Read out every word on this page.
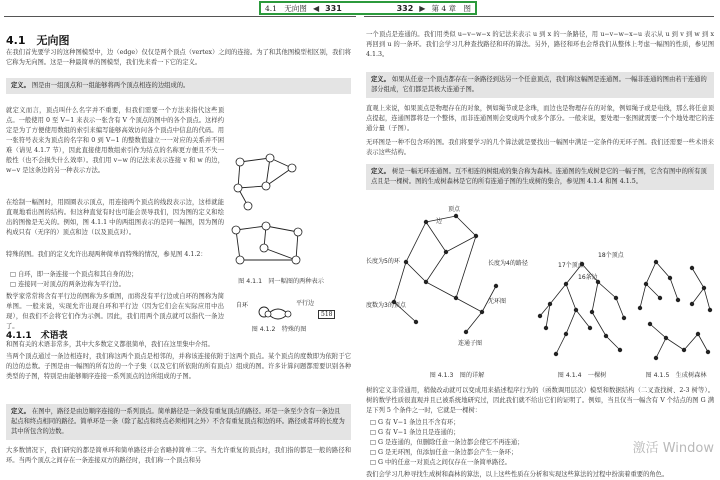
4.1　无向图 ◀ 331	332 ▶ 第 4 章　图
4.1　无向图
在我们首先要学习的这种图模型中，边（edge）仅仅是两个顶点（vertex）之间的连接。为了和其他图模型相区别，我们将它称为无向图。这是一种最简单的图模型，我们先来看一下它的定义。
定义。 图是由一组顶点和一组能够将两个顶点相连的边组成的。
就定义而言，顶点叫什么名字并不重要，但我们需要一个方法来指代这些顶点。一般使用 0 至 V−1 来表示一张含有 V 个顶点的图中的各个顶点。这样约定是为了方便使用数组的索引来编写能够高效访问各个顶点中信息的代码。用一张符号表来为顶点的名字和 0 到 V−1 的整数值建立一一对应的关系并不困难（请见 4.1.7 节），因此直接使用数组索引作为结点的名称更方便且不失一般性（也不会损失什么效率）。我们用 v−w 的记法来表示连接 v 和 w 的边，w−v 是这条边的另一种表示方法。
在绘制一幅图时，用圆圈表示顶点，用连接两个顶点的线段表示边，这样就能直观地看出图的结构。但这种直觉有时也可能会误导我们，因为图的定义和绘出的图像是无关的。例如，图 4.1.1 中的两组图表示的是同一幅图，因为图的构成只有（无序的）顶点和边（以及顶点对）。
特殊的图。我们的定义允许出现两种简单而特殊的情况，参见图 4.1.2：
□ 自环，即一条连接一个顶点和其自身的边；
□ 连接同一对顶点的两条边称为平行边。
数学家常常将含有平行边的图称为多重图，而将没有平行边或自环的图称为简单图。一般来说，实现允许出现自环和平行边（因为它们会在实际应用中出现），但我们不会将它们作为示例。因此，我们用两个顶点就可以指代一条边了。
图 4.1.1　同一幅图的两种表示
自环	平行边
图 4.1.2　特殊的图
518
4.1.1　术语表
和图有关的术语非常多，其中大多数定义都很简单，我们在这里集中介绍。
当两个顶点通过一条边相连时，我们称这两个顶点是相邻的，并称该连接依附于这两个顶点。某个顶点的度数即为依附于它的边的总数。子图是由一幅图的所有边的一个子集（以及它们所依附的所有顶点）组成的图。许多计算问题都需要识别各种类型的子图，特别是由能够顺序连接一系列顶点的边所组成的子图。
定义。 在图中，路径是由边顺序连接的一系列顶点。简单路径是一条没有重复顶点的路径。环是一条至少含有一条边且起点和终点相同的路径。简单环是一条（除了起点和终点必须相同之外）不含有重复顶点和边的环。路径或者环的长度为其中所包含的边数。
大多数情况下，我们研究的都是简单环和简单路径并会省略掉简单二字。当允许重复的顶点时，我们指的都是一般的路径和环。当两个顶点之间存在一条连接双方的路径时，我们称一个顶点和另
一个顶点是连通的。我们用类似 u−v−w−x 的记法来表示 u 到 x 的一条路径，用 u−v−w−x−u 表示从 u 到 v 到 w 到 x 再回到 u 的一条环。我们会学习几种查找路径和环的算法。另外，路径和环也会帮我们从整体上考虑一幅图的性质，参见图 4.1.3。
定义。 如果从任意一个顶点都存在一条路径到达另一个任意顶点，我们称这幅图是连通图。一幅非连通的图由若干连通的部分组成，它们都是其极大连通子图。
直观上来说，如果顶点是物理存在的对象，例如绳节或是念珠，而边也是物理存在的对象，例如绳子或是电线，那么将任意顶点提起，连通图都将是一个整体，而非连通图则会变成两个或多个部分。一般来说，要处理一张图就需要一个个地处理它的连通分量（子图）。
无环图是一种不包含环的图。我们将要学习的几个算法就是要找出一幅图中满足一定条件的无环子图。我们还需要一些术语来表示这些结构。
定义。 树是一幅无环连通图。互不相连的树组成的集合称为森林。连通图的生成树是它的一幅子图，它含有图中的所有顶点且是一棵树。图的生成树森林是它的所有连通子图的生成树的集合，参见图 4.1.4 和图 4.1.5。
顶点
边
长度为5的环	长度为4的路径
度数为3的顶点
无环图
连通子图
图 4.1.3　图的详解
17个顶点
16条边
18个顶点
图 4.1.4　一棵树	图 4.1.5　生成树森林
树的定义非常通用，稍做改动就可以变成用来描述程序行为的（函数调用层次）模型和数据结构（二叉查找树、2-3 树等）。树的数学性质很直观并且已被系统地研究过，因此我们就不给出它们的证明了。例如，当且仅当一幅含有 V 个结点的图 G 满足下列 5 个条件之一时，它就是一棵树：
□ G 有 V−1 条边且不含有环；
□ G 有 V−1 条边且是连通的；
□ G 是连通的，但删除任意一条边都会使它不再连通；
□ G 是无环图，但添加任意一条边都会产生一条环；
□ G 中的任意一对顶点之间仅存在一条简单路径。
我们会学习几种寻找生成树和森林的算法，以上这些性质在分析和实现这些算法的过程中扮演着重要的角色。
激活 Window
